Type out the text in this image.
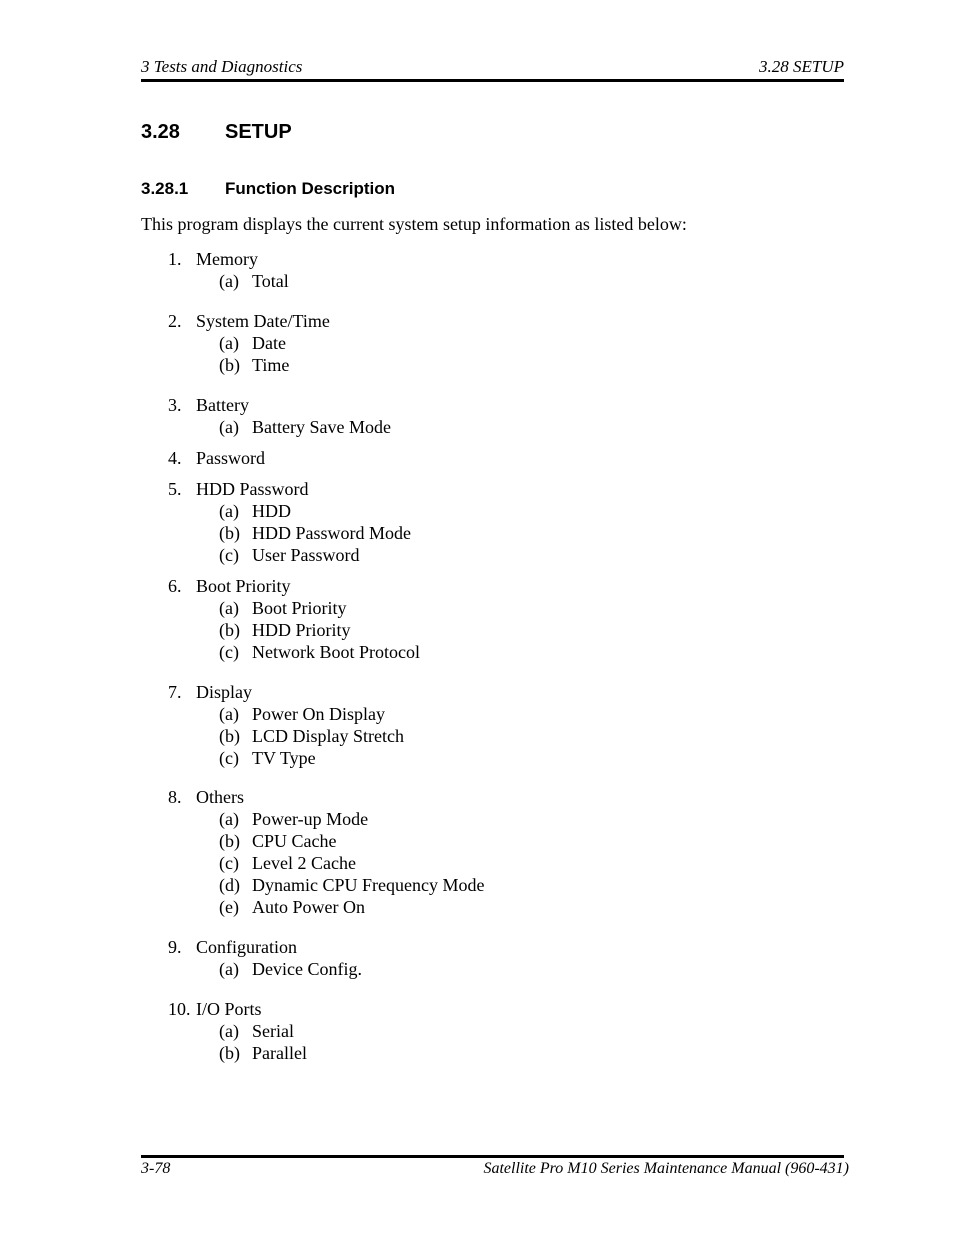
3 Tests and Diagnostics	3.28 SETUP
3.28 SETUP
3.28.1 Function Description
This program displays the current system setup information as listed below:
1. Memory
(a) Total
2. System Date/Time
(a) Date
(b) Time
3. Battery
(a) Battery Save Mode
4. Password
5. HDD Password
(a) HDD
(b) HDD Password Mode
(c) User Password
6. Boot Priority
(a) Boot Priority
(b) HDD Priority
(c) Network Boot Protocol
7. Display
(a) Power On Display
(b) LCD Display Stretch
(c) TV Type
8. Others
(a) Power-up Mode
(b) CPU Cache
(c) Level 2 Cache
(d) Dynamic CPU Frequency Mode
(e) Auto Power On
9. Configuration
(a) Device Config.
10. I/O Ports
(a) Serial
(b) Parallel
3-78	Satellite Pro M10 Series Maintenance Manual (960-431)
